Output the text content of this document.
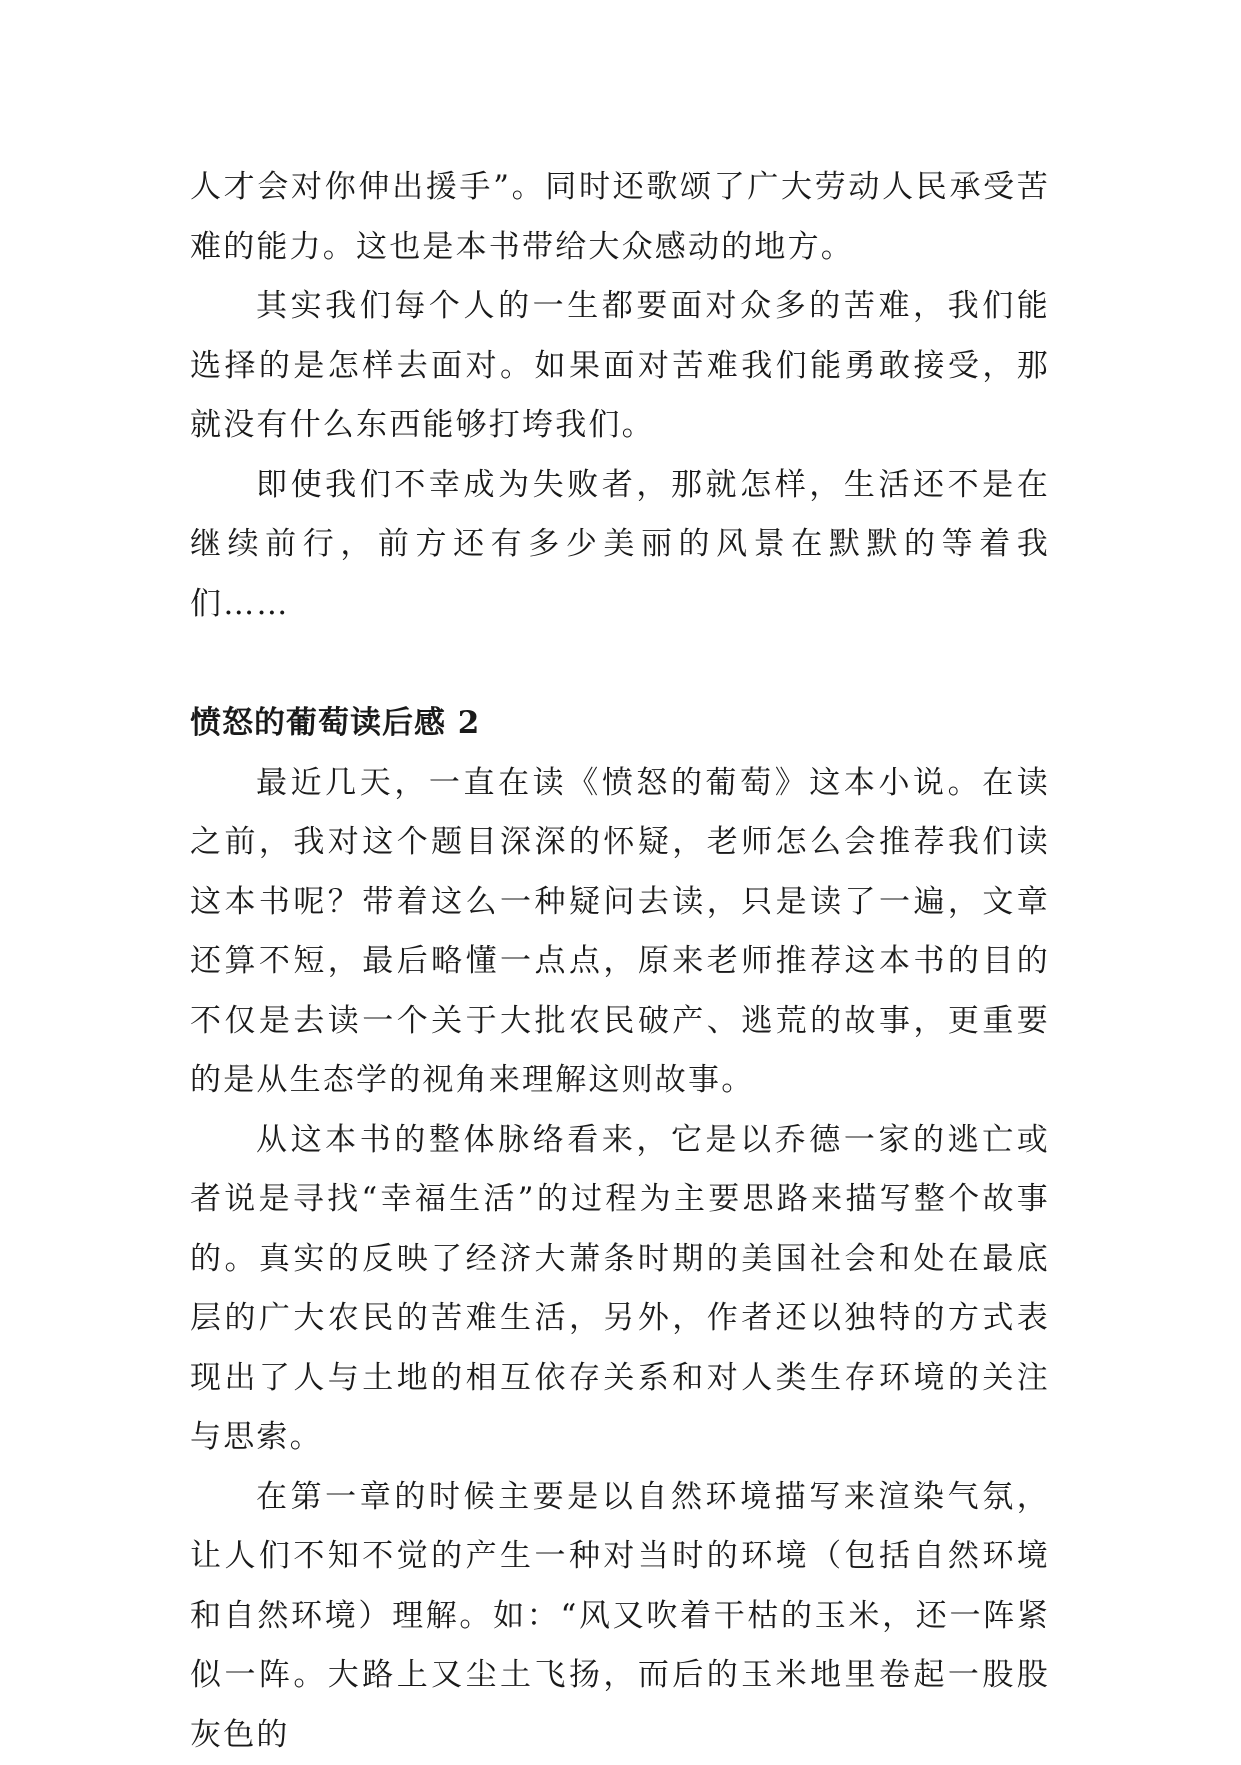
人才会对你伸出援手”。同时还歌颂了广大劳动人民承受苦难的能力。这也是本书带给大众感动的地方。

其实我们每个人的一生都要面对众多的苦难，我们能选择的是怎样去面对。如果面对苦难我们能勇敢接受，那就没有什么东西能够打垮我们。

即使我们不幸成为失败者，那就怎样，生活还不是在继续前行，前方还有多少美丽的风景在默默的等着我们……

愤怒的葡萄读后感 2

最近几天，一直在读《愤怒的葡萄》这本小说。在读之前，我对这个题目深深的怀疑，老师怎么会推荐我们读这本书呢？带着这么一种疑问去读，只是读了一遍，文章还算不短，最后略懂一点点，原来老师推荐这本书的目的不仅是去读一个关于大批农民破产、逃荒的故事，更重要的是从生态学的视角来理解这则故事。

从这本书的整体脉络看来，它是以乔德一家的逃亡或者说是寻找“幸福生活”的过程为主要思路来描写整个故事的。真实的反映了经济大萧条时期的美国社会和处在最底层的广大农民的苦难生活，另外，作者还以独特的方式表现出了人与土地的相互依存关系和对人类生存环境的关注与思索。

在第一章的时候主要是以自然环境描写来渲染气氛，让人们不知不觉的产生一种对当时的环境（包括自然环境和自然环境）理解。如：“风又吹着干枯的玉米，还一阵紧似一阵。大路上又尘土飞扬，而后的玉米地里卷起一股股灰色的
